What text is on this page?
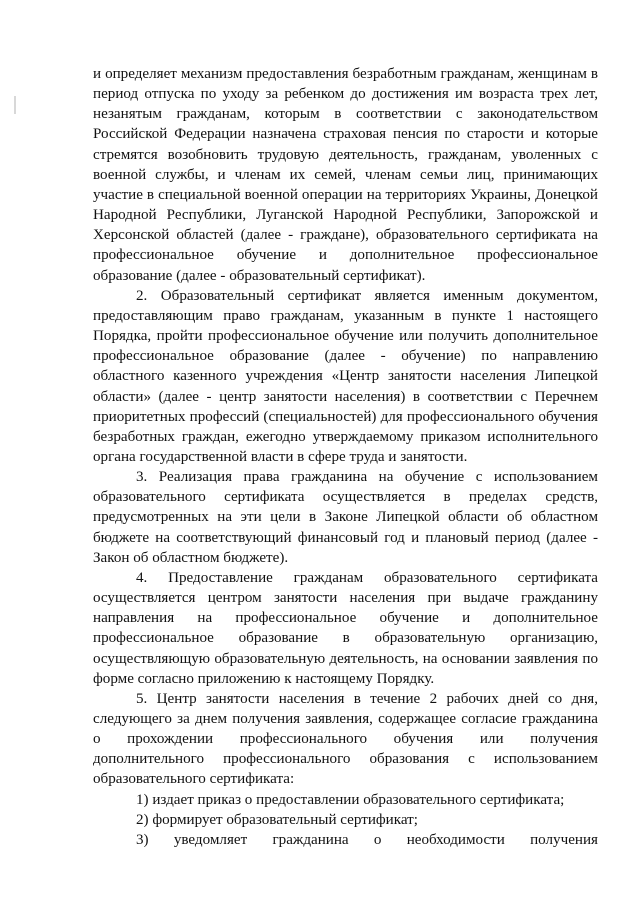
и определяет механизм предоставления безработным гражданам, женщинам в период отпуска по уходу за ребенком до достижения им возраста трех лет, незанятым гражданам, которым в соответствии с законодательством Российской Федерации назначена страховая пенсия по старости и которые стремятся возобновить трудовую деятельность, гражданам, уволенных с военной службы, и членам их семей, членам семьи лиц, принимающих участие в специальной военной операции на территориях Украины, Донецкой Народной Республики, Луганской Народной Республики, Запорожской и Херсонской областей (далее - граждане), образовательного сертификата на профессиональное обучение и дополнительное профессиональное образование (далее - образовательный сертификат).

2. Образовательный сертификат является именным документом, предоставляющим право гражданам, указанным в пункте 1 настоящего Порядка, пройти профессиональное обучение или получить дополнительное профессиональное образование (далее - обучение) по направлению областного казенного учреждения «Центр занятости населения Липецкой области» (далее - центр занятости населения) в соответствии с Перечнем приоритетных профессий (специальностей) для профессионального обучения безработных граждан, ежегодно утверждаемому приказом исполнительного органа государственной власти в сфере труда и занятости.

3. Реализация права гражданина на обучение с использованием образовательного сертификата осуществляется в пределах средств, предусмотренных на эти цели в Законе Липецкой области об областном бюджете на соответствующий финансовый год и плановый период (далее - Закон об областном бюджете).

4. Предоставление гражданам образовательного сертификата осуществляется центром занятости населения при выдаче гражданину направления на профессиональное обучение и дополнительное профессиональное образование в образовательную организацию, осуществляющую образовательную деятельность, на основании заявления по форме согласно приложению к настоящему Порядку.

5. Центр занятости населения в течение 2 рабочих дней со дня, следующего за днем получения заявления, содержащее согласие гражданина о прохождении профессионального обучения или получения дополнительного профессионального образования с использованием образовательного сертификата:

1) издает приказ о предоставлении образовательного сертификата;

2) формирует образовательный сертификат;

3) уведомляет гражданина о необходимости получения
